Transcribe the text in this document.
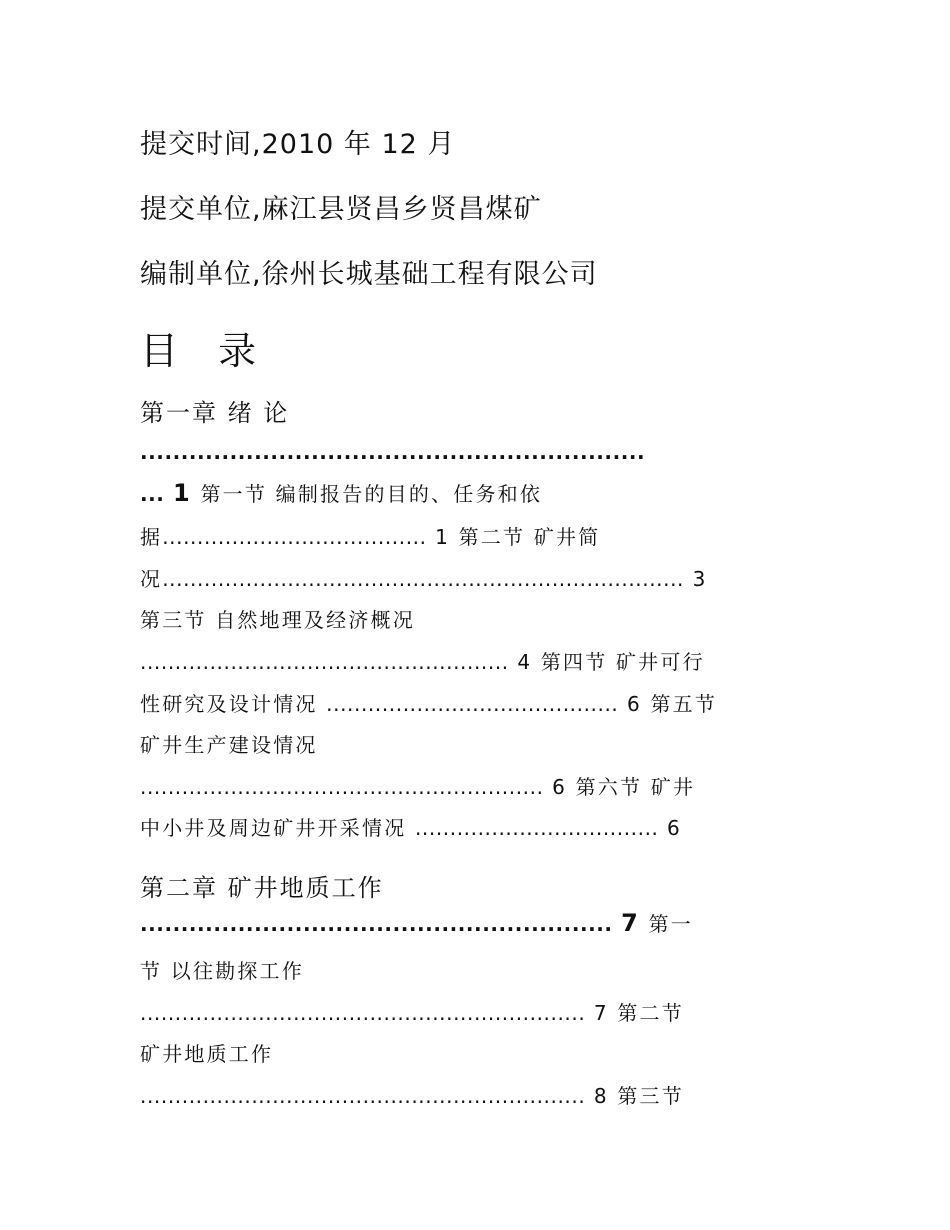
提交时间,2010 年 12 月
提交单位,麻江县贤昌乡贤昌煤矿
编制单位,徐州长城基础工程有限公司
目 录
第一章 绪 论
..............................................................
... 1 第一节 编制报告的目的、任务和依
据...................................... 1 第二节 矿井简
况........................................................................... 3
第三节 自然地理及经济概况
..................................................... 4 第四节 矿井可行
性研究及设计情况 .......................................... 6 第五节
矿井生产建设情况
.......................................................... 6 第六节 矿井
中小井及周边矿井开采情况 ................................... 6
第二章 矿井地质工作
.......................................................... 7 第一
节 以往勘探工作
................................................................ 7 第二节
矿井地质工作
................................................................ 8 第三节
